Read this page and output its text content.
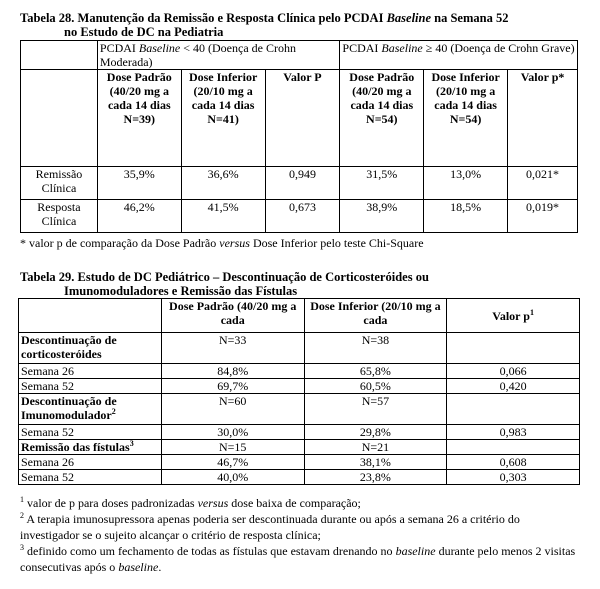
Tabela 28. Manutenção da Remissão e Resposta Clínica pelo PCDAI Baseline na Semana 52
no Estudo de DC na Pediatria
	PCDAI Baseline < 40 (Doença de Crohn Moderada)			PCDAI Baseline ≥ 40 (Doença de Crohn Grave)		
	Dose Padrão (40/20 mg a cada 14 dias N=39)	Dose Inferior (20/10 mg a cada 14 dias N=41)	Valor P	Dose Padrão (40/20 mg a cada 14 dias N=54)	Dose Inferior (20/10 mg a cada 14 dias N=54)	Valor p*
Remissão Clínica	35,9%	36,6%	0,949	31,5%	13,0%	0,021*
Resposta Clínica	46,2%	41,5%	0,673	38,9%	18,5%	0,019*
* valor p de comparação da Dose Padrão versus Dose Inferior pelo teste Chi-Square
Tabela 29. Estudo de DC Pediátrico – Descontinuação de Corticosteróides ou
Imunomoduladores e Remissão das Fístulas
	Dose Padrão (40/20 mg a cada	Dose Inferior (20/10 mg a cada	Valor $p^1$
Descontinuação de corticosteróides	N=33	N=38	
Semana 26	84,8%	65,8%	0,066
Semana 52	69,7%	60,5%	0,420
Descontinuação de Imunomodulador$^2$	N=60	N=57	
Semana 52	30,0%	29,8%	0,983
Remissão das fístulas$^3$	N=15	N=21	
Semana 26	46,7%	38,1%	0,608
Semana 52	40,0%	23,8%	0,303
$^1$ valor de p para doses padronizadas versus dose baixa de comparação;
$^2$ A terapia imunosupressora apenas poderia ser descontinuada durante ou após a semana 26 a critério do investigador se o sujeito alcançar o critério de resposta clínica;
$^3$ definido como um fechamento de todas as fístulas que estavam drenando no baseline durante pelo menos 2 visitas consecutivas após o baseline.
